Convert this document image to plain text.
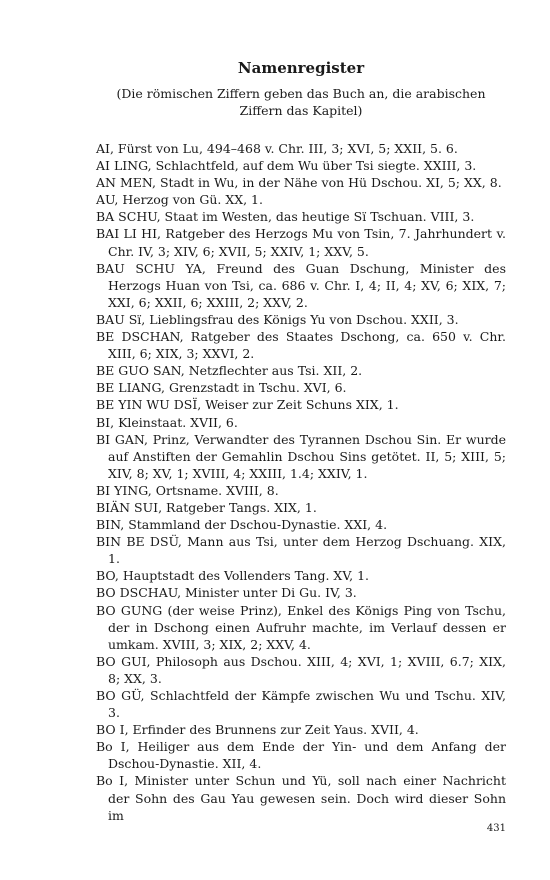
Namenregister
(Die römischen Ziffern geben das Buch an, die arabischen Ziffern das Kapitel)
AI, Fürst von Lu, 494–468 v. Chr. III, 3; XVI, 5; XXII, 5. 6.
AI LING, Schlachtfeld, auf dem Wu über Tsi siegte. XXIII, 3.
AN MEN, Stadt in Wu, in der Nähe von Hü Dschou. XI, 5; XX, 8.
AU, Herzog von Gü. XX, 1.
BA SCHU, Staat im Westen, das heutige Sï Tschuan. VIII, 3.
BAI LI HI, Ratgeber des Herzogs Mu von Tsin, 7. Jahrhundert v. Chr. IV, 3; XIV, 6; XVII, 5; XXIV, 1; XXV, 5.
BAU SCHU YA, Freund des Guan Dschung, Minister des Herzogs Huan von Tsi, ca. 686 v. Chr. I, 4; II, 4; XV, 6; XIX, 7; XXI, 6; XXII, 6; XXIII, 2; XXV, 2.
BAU Sï, Lieblingsfrau des Königs Yu von Dschou. XXII, 3.
BE DSCHAN, Ratgeber des Staates Dschong, ca. 650 v. Chr. XIII, 6; XIX, 3; XXVI, 2.
BE GUO SAN, Netzflechter aus Tsi. XII, 2.
BE LIANG, Grenzstadt in Tschu. XVI, 6.
BE YIN WU DSÏ, Weiser zur Zeit Schuns XIX, 1.
BI, Kleinstaat. XVII, 6.
BI GAN, Prinz, Verwandter des Tyrannen Dschou Sin. Er wurde auf Anstiften der Gemahlin Dschou Sins getötet. II, 5; XIII, 5; XIV, 8; XV, 1; XVIII, 4; XXIII, 1.4; XXIV, 1.
BI YING, Ortsname. XVIII, 8.
BIÄN SUI, Ratgeber Tangs. XIX, 1.
BIN, Stammland der Dschou-Dynastie. XXI, 4.
BIN BE DSÜ, Mann aus Tsi, unter dem Herzog Dschuang. XIX, 1.
BO, Hauptstadt des Vollenders Tang. XV, 1.
BO DSCHAU, Minister unter Di Gu. IV, 3.
BO GUNG (der weise Prinz), Enkel des Königs Ping von Tschu, der in Dschong einen Aufruhr machte, im Verlauf dessen er umkam. XVIII, 3; XIX, 2; XXV, 4.
BO GUI, Philosoph aus Dschou. XIII, 4; XVI, 1; XVIII, 6.7; XIX, 8; XX, 3.
BO GÜ, Schlachtfeld der Kämpfe zwischen Wu und Tschu. XIV, 3.
BO I, Erfinder des Brunnens zur Zeit Yaus. XVII, 4.
Bo I, Heiliger aus dem Ende der Yin- und dem Anfang der Dschou-Dynastie. XII, 4.
Bo I, Minister unter Schun und Yü, soll nach einer Nachricht der Sohn des Gau Yau gewesen sein. Doch wird dieser Sohn im
431
